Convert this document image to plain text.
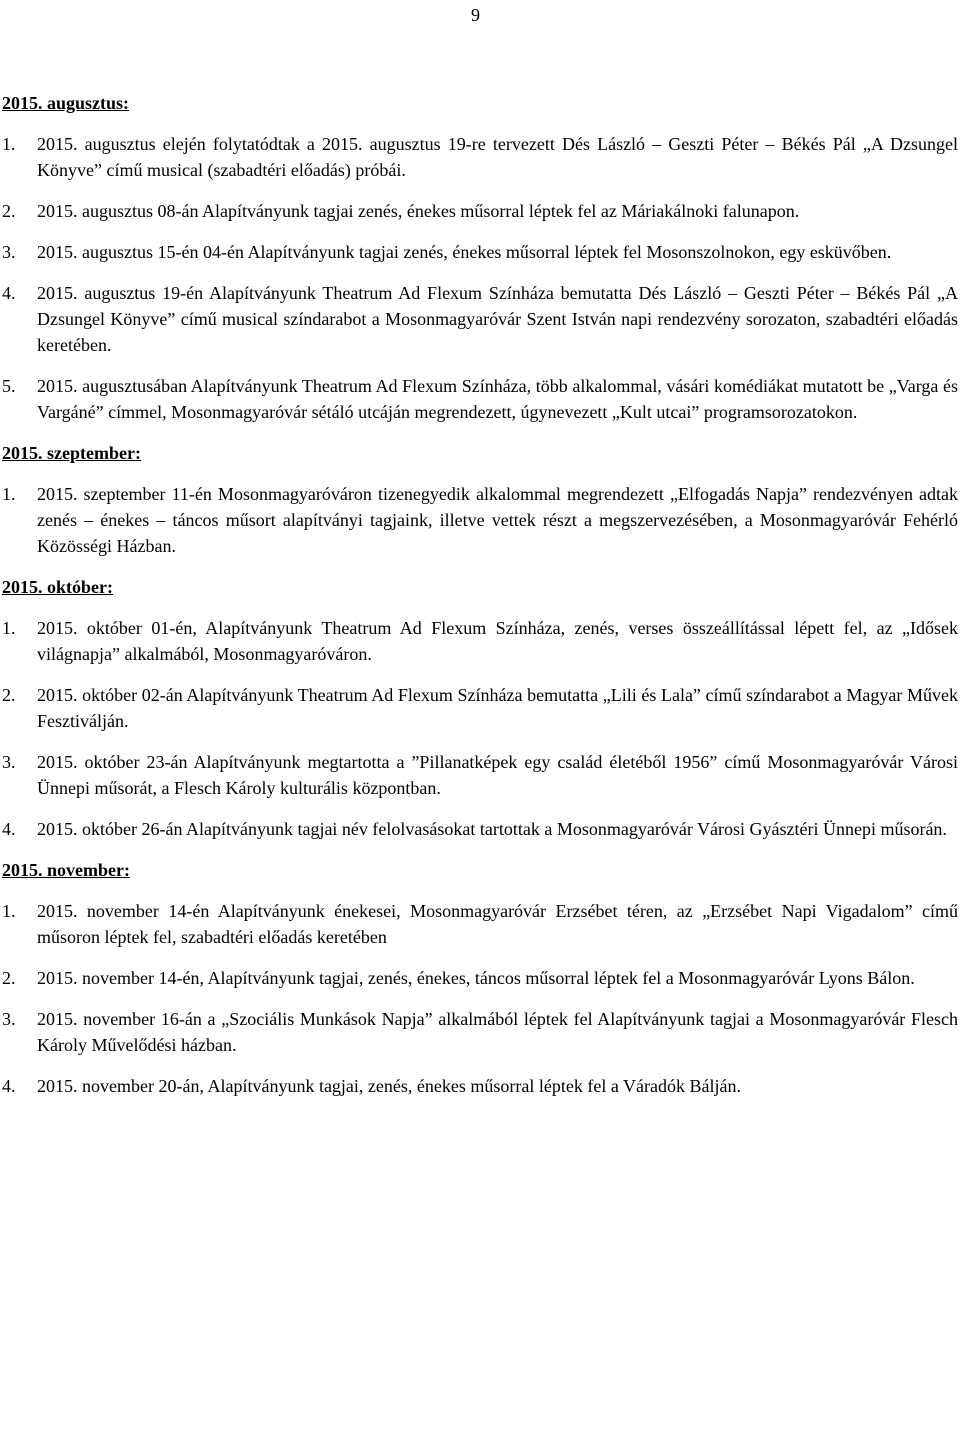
9
2015. augusztus:
1. 2015. augusztus elején folytatódtak a 2015. augusztus 19-re tervezett Dés László – Geszti Péter – Békés Pál „A Dzsungel Könyve” című musical (szabadtéri előadás) próbái.
2. 2015. augusztus 08-án Alapítványunk tagjai zenés, énekes műsorral léptek fel az Máriakálnoki falunapon.
3. 2015. augusztus 15-én 04-én Alapítványunk tagjai zenés, énekes műsorral léptek fel Mosonszolnokon, egy esküvőben.
4. 2015. augusztus 19-én Alapítványunk Theatrum Ad Flexum Színháza bemutatta Dés László – Geszti Péter – Békés Pál „A Dzsungel Könyve” című musical színdarabot a Mosonmagyaróvár Szent István napi rendezvény sorozaton, szabadtéri előadás keretében.
5. 2015. augusztusában Alapítványunk Theatrum Ad Flexum Színháza, több alkalommal, vásári komédiákat mutatott be „Varga és Vargáné” címmel, Mosonmagyaróvár sétáló utcáján megrendezett, úgynevezett „Kult utcai” programsorozatokon.
2015. szeptember:
1. 2015. szeptember 11-én Mosonmagyaróváron tizenegyedik alkalommal megrendezett „Elfogadás Napja” rendezvényen adtak zenés – énekes – táncos műsort alapítványi tagjaink, illetve vettek részt a megszervezésében, a Mosonmagyaróvár Fehérló Közösségi Házban.
2015. október:
1. 2015. október 01-én, Alapítványunk Theatrum Ad Flexum Színháza, zenés, verses összeállítással lépett fel, az „Idősek világnapja” alkalmából, Mosonmagyaróváron.
2. 2015. október 02-án Alapítványunk Theatrum Ad Flexum Színháza bemutatta „Lili és Lala” című színdarabot a Magyar Művek Fesztiválján.
3. 2015. október 23-án Alapítványunk megtartotta a ”Pillanatképek egy család életéből 1956” című Mosonmagyaróvár Városi Ünnepi műsorát, a Flesch Károly kulturális központban.
4. 2015. október 26-án Alapítványunk tagjai név felolvasásokat tartottak a Mosonmagyaróvár Városi Gyásztéri Ünnepi műsorán.
2015. november:
1. 2015. november 14-én Alapítványunk énekesei, Mosonmagyaróvár Erzsébet téren, az „Erzsébet Napi Vigadalom” című műsoron léptek fel, szabadtéri előadás keretében
2. 2015. november 14-én, Alapítványunk tagjai, zenés, énekes, táncos műsorral léptek fel a Mosonmagyaróvár Lyons Bálon.
3. 2015. november 16-án a „Szociális Munkások Napja” alkalmából léptek fel Alapítványunk tagjai a Mosonmagyaróvár Flesch Károly Művelődési házban.
4. 2015. november 20-án, Alapítványunk tagjai, zenés, énekes műsorral léptek fel a Váradók Bálján.
